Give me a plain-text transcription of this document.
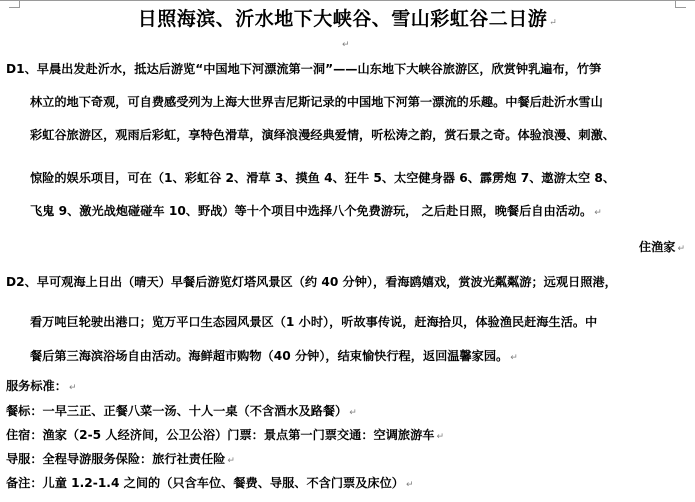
日照海滨、沂水地下大峡谷、雪山彩虹谷二日游 ↵
↵
D1、早晨出发赴沂水，抵达后游览“中国地下河漂流第一洞”——山东地下大峡谷旅游区，欣赏钟乳遍布，竹笋
林立的地下奇观，可自费感受列为上海大世界吉尼斯记录的中国地下河第一漂流的乐趣。中餐后赴沂水雪山
彩虹谷旅游区，观雨后彩虹，享特色滑草，演绎浪漫经典爱情，听松涛之韵，赏石景之奇。体验浪漫、刺激、
惊险的娱乐项目，可在（1、彩虹谷 2、滑草 3、摸鱼 4、狂牛 5、太空健身器 6、霹雳炮 7、遨游太空 8、
飞鬼 9、激光战炮碰碰车 10、野战）等十个项目中选择八个免费游玩， 之后赴日照，晚餐后自由活动。 ↵
住渔家 ↵
D2、早可观海上日出（晴天）早餐后游览灯塔风景区（约 40 分钟），看海鸥嬉戏，赏波光粼粼游；远观日照港，
看万吨巨轮驶出港口；览万平口生态园风景区（1 小时），听故事传说，赶海拾贝，体验渔民赶海生活。中
餐后第三海滨浴场自由活动。海鲜超市购物（40 分钟），结束愉快行程，返回温馨家园。 ↵
服务标准： ↵
餐标：一早三正、正餐八菜一汤、十人一桌（不含酒水及路餐） ↵
住宿：渔家（2-5 人经济间，公卫公浴）门票：景点第一门票交通：空调旅游车 ↵
导服：全程导游服务保险：旅行社责任险 ↵
备注：儿童 1.2-1.4 之间的（只含车位、餐费、导服、不含门票及床位） ↵
